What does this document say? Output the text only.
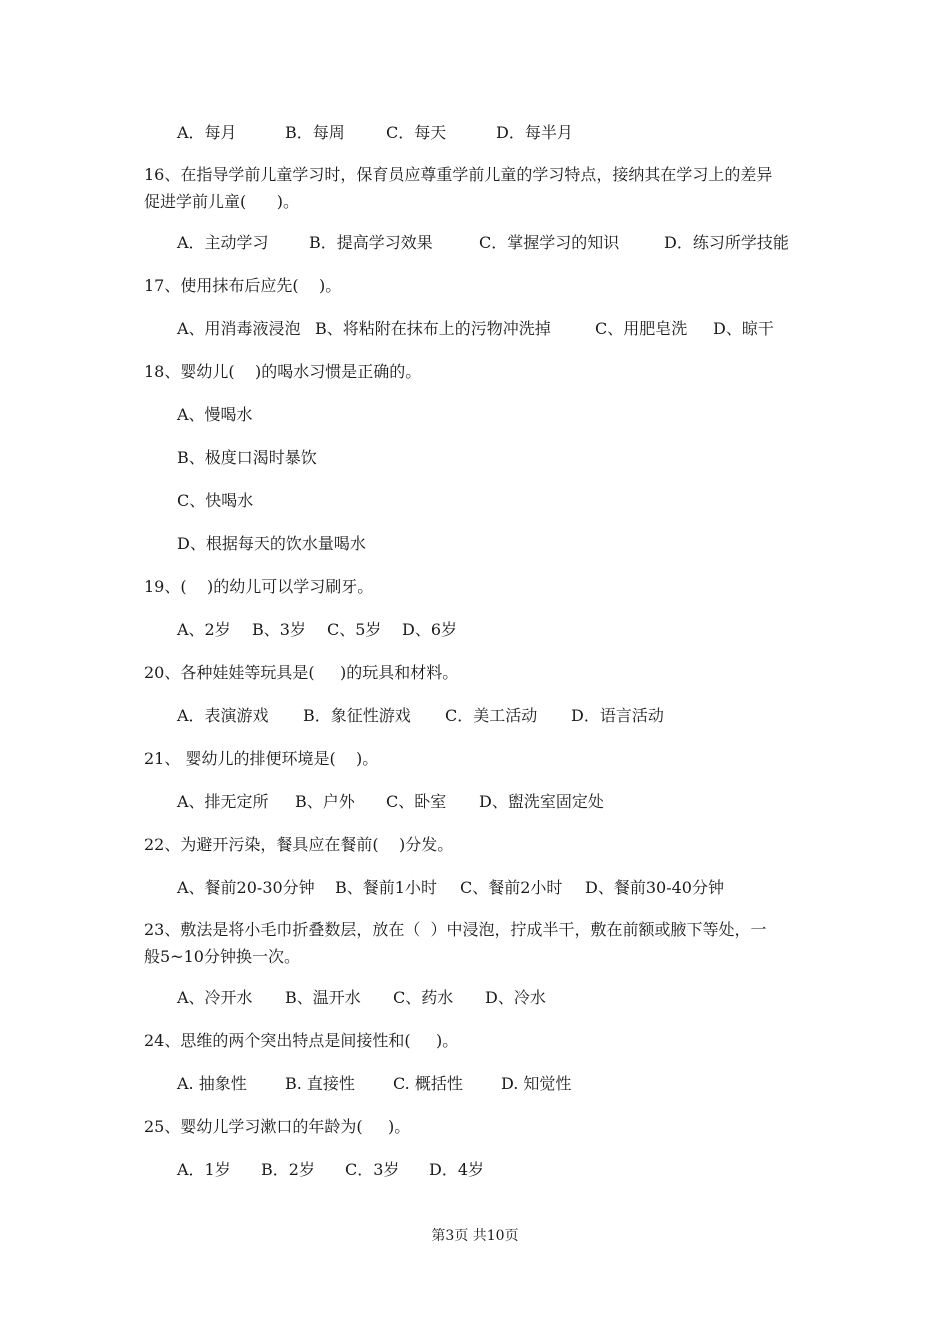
A．每月	B．每周	C．每天	D．每半月
16、在指导学前儿童学习时，保育员应尊重学前儿童的学习特点，接纳其在学习上的差异
促进学前儿童(      )。
A．主动学习	B．提高学习效果	C．掌握学习的知识	D．练习所学技能
17、使用抹布后应先(    )。
A、用消毒液浸泡 B、将粘附在抹布上的污物冲洗掉	C、用肥皂洗 D、晾干
18、婴幼儿(    )的喝水习惯是正确的。
A、慢喝水
B、极度口渴时暴饮
C、快喝水
D、根据每天的饮水量喝水
19、(    )的幼儿可以学习刷牙。
A、2岁 B、3岁 C、5岁 D、6岁
20、各种娃娃等玩具是(     )的玩具和材料。
A．表演游戏 B．象征性游戏 C．美工活动 D．语言活动
21、 婴幼儿的排便环境是(    )。
A、排无定所 B、户外 C、卧室 D、盥洗室固定处
22、为避开污染，餐具应在餐前(    )分发。
A、餐前20-30分钟 B、餐前1小时 C、餐前2小时 D、餐前30-40分钟
23、敷法是将小毛巾折叠数层，放在（  ）中浸泡，拧成半干，敷在前额或腋下等处，一
般5~10分钟换一次。
A、冷开水 B、温开水 C、药水 D、冷水
24、思维的两个突出特点是间接性和(     )。
A. 抽象性 B. 直接性 C. 概括性 D. 知觉性
25、婴幼儿学习漱口的年龄为(     )。
A．1岁 B．2岁 C．3岁 D．4岁
第3页 共10页
